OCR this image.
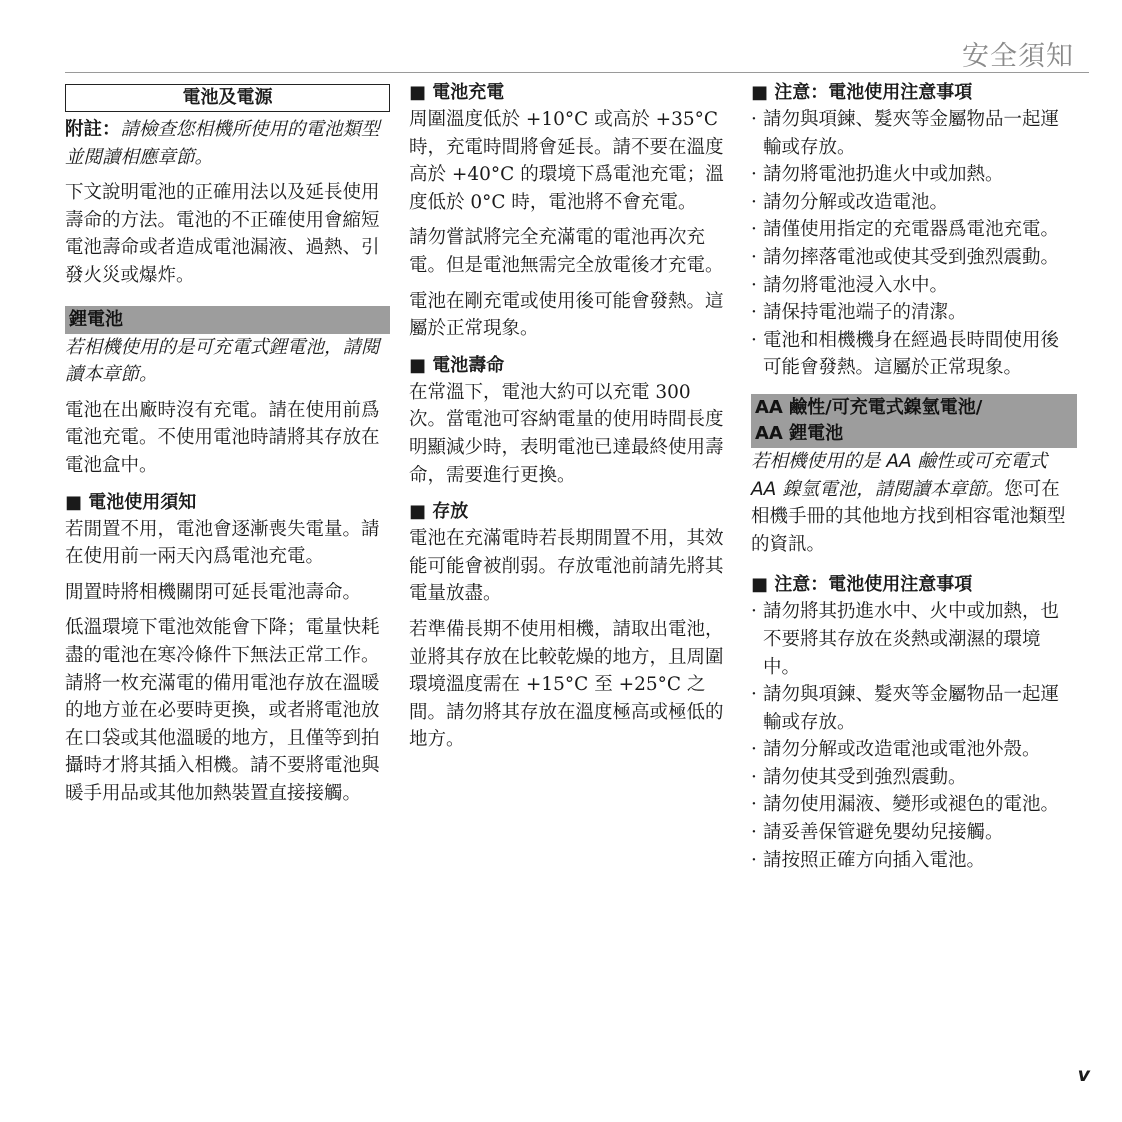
安全須知
電池及電源
附註：請檢查您相機所使用的電池類型並閱讀相應章節。

下文說明電池的正確用法以及延長使用壽命的方法。電池的不正確使用會縮短電池壽命或者造成電池漏液、過熱、引發火災或爆炸。

鋰電池

若相機使用的是可充電式鋰電池，請閱讀本章節。

電池在出廠時沒有充電。請在使用前爲電池充電。不使用電池時請將其存放在電池盒中。

■ 電池使用須知

若閒置不用，電池會逐漸喪失電量。請在使用前一兩天內爲電池充電。

閒置時將相機關閉可延長電池壽命。

低溫環境下電池效能會下降；電量快耗盡的電池在寒冷條件下無法正常工作。請將一枚充滿電的備用電池存放在溫暖的地方並在必要時更換，或者將電池放在口袋或其他溫暖的地方，且僅等到拍攝時才將其插入相機。請不要將電池與暖手用品或其他加熱裝置直接接觸。

■ 電池充電

周圍溫度低於 +10°C 或高於 +35°C 時，充電時間將會延長。請不要在溫度高於 +40°C 的環境下爲電池充電；溫度低於 0°C 時，電池將不會充電。

請勿嘗試將完全充滿電的電池再次充電。但是電池無需完全放電後才充電。

電池在剛充電或使用後可能會發熱。這屬於正常現象。

■ 電池壽命

在常溫下，電池大約可以充電 300 次。當電池可容納電量的使用時間長度明顯減少時，表明電池已達最終使用壽命，需要進行更換。

■ 存放

電池在充滿電時若長期閒置不用，其效能可能會被削弱。存放電池前請先將其電量放盡。

若準備長期不使用相機，請取出電池，並將其存放在比較乾燥的地方，且周圍環境溫度需在 +15°C 至 +25°C 之間。請勿將其存放在溫度極高或極低的地方。

■ 注意：電池使用注意事項
· 請勿與項鍊、髮夾等金屬物品一起運輸或存放。
· 請勿將電池扔進火中或加熱。
· 請勿分解或改造電池。
· 請僅使用指定的充電器爲電池充電。
· 請勿摔落電池或使其受到強烈震動。
· 請勿將電池浸入水中。
· 請保持電池端子的清潔。
· 電池和相機機身在經過長時間使用後可能會發熱。這屬於正常現象。
AA 鹼性/可充電式鎳氫電池/
AA 鋰電池

若相機使用的是 AA 鹼性或可充電式 AA 鎳氫電池，請閱讀本章節。您可在相機手冊的其他地方找到相容電池類型的資訊。

■ 注意：電池使用注意事項
· 請勿將其扔進水中、火中或加熱，也不要將其存放在炎熱或潮濕的環境中。
· 請勿與項鍊、髮夾等金屬物品一起運輸或存放。
· 請勿分解或改造電池或電池外殼。
· 請勿使其受到強烈震動。
· 請勿使用漏液、變形或褪色的電池。
· 請妥善保管避免嬰幼兒接觸。
· 請按照正確方向插入電池。
v
